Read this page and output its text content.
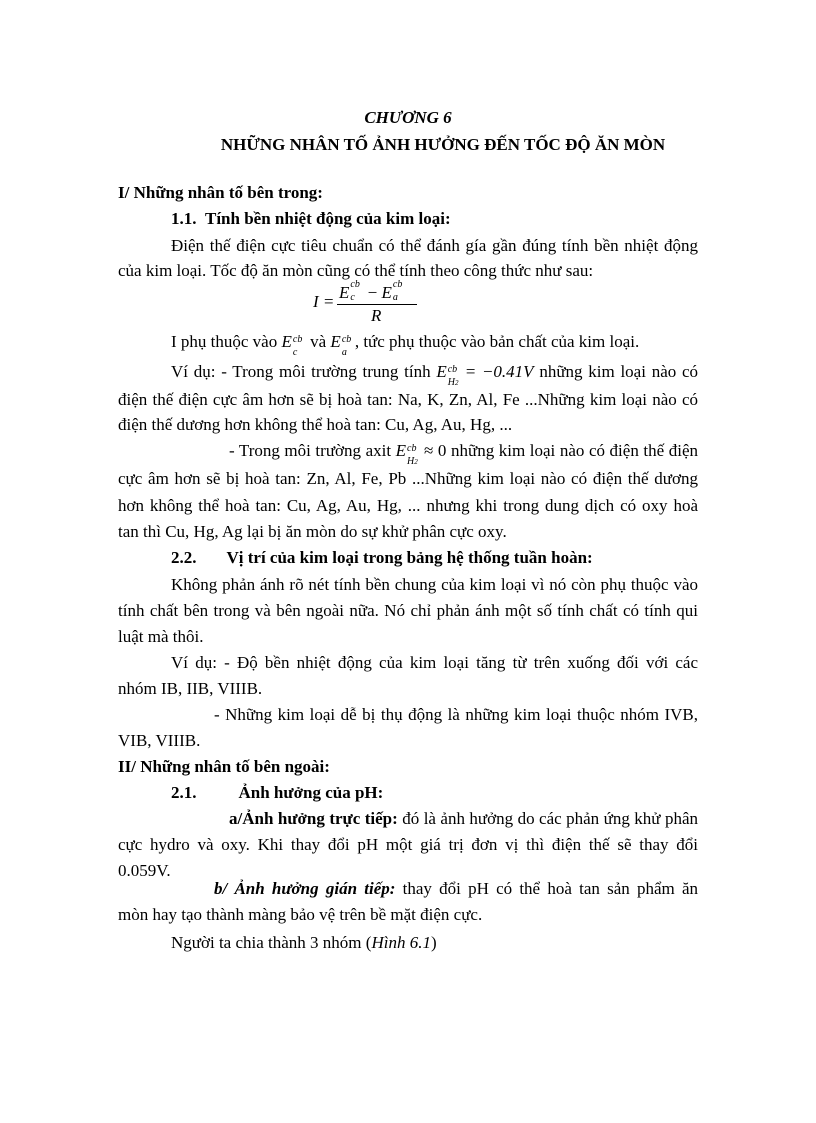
CHƯƠNG 6
NHỮNG NHÂN TỐ ẢNH HƯỞNG ĐẾN TỐC ĐỘ ĂN MÒN
I/ Những nhân tố bên trong:
1.1. Tính bền nhiệt động của kim loại:
Điện thế điện cực tiêu chuẩn có thể đánh gía gần đúng tính bền nhiệt động
của kim loại. Tốc độ ăn mòn cũng có thể tính theo công thức như sau:
I = E cb
c − E cb
a
R
I phụ thuộc vào E cb
c
và E cb
a
, tức phụ thuộc vào bản chất của kim loại.
Ví dụ: - Trong môi trường trung tính E cb
H2
= −0.41V những kim loại nào có
điện thế điện cực âm hơn sẽ bị hoà tan: Na, K, Zn, Al, Fe ...Những kim loại nào có
điện thế dương hơn không thể hoà tan: Cu, Ag, Au, Hg, ...
- Trong môi trường axit E cb
H2
≈ 0 những kim loại nào có điện thế điện
cực âm hơn sẽ bị hoà tan: Zn, Al, Fe, Pb ...Những kim loại nào có điện thế dương
hơn không thể hoà tan: Cu, Ag, Au, Hg, ... nhưng khi trong dung dịch có oxy hoà
tan thì Cu, Hg, Ag lại bị ăn mòn do sự khử phân cực oxy.
2.2. Vị trí của kim loại trong bảng hệ thống tuần hoàn:
Không phản ánh rõ nét tính bền chung của kim loại vì nó còn phụ thuộc vào
tính chất bên trong và bên ngoài nữa. Nó chỉ phản ánh một số tính chất có tính qui
luật mà thôi.
Ví dụ: - Độ bền nhiệt động của kim loại tăng từ trên xuống đối với các
nhóm IB, IIB, VIIIB.
- Những kim loại dễ bị thụ động là những kim loại thuộc nhóm IVB,
VIB, VIIIB.
II/ Những nhân tố bên ngoài:
2.1. Ảnh hưởng của pH:
a/Ảnh hưởng trực tiếp: đó là ảnh hưởng do các phản ứng khử phân
cực hydro và oxy. Khi thay đổi pH một giá trị đơn vị thì điện thế sẽ thay đổi
0.059V.
b/ Ảnh hưởng gián tiếp: thay đổi pH có thể hoà tan sản phẩm ăn
mòn hay tạo thành màng bảo vệ trên bề mặt điện cực.
Người ta chia thành 3 nhóm (Hình 6.1)
